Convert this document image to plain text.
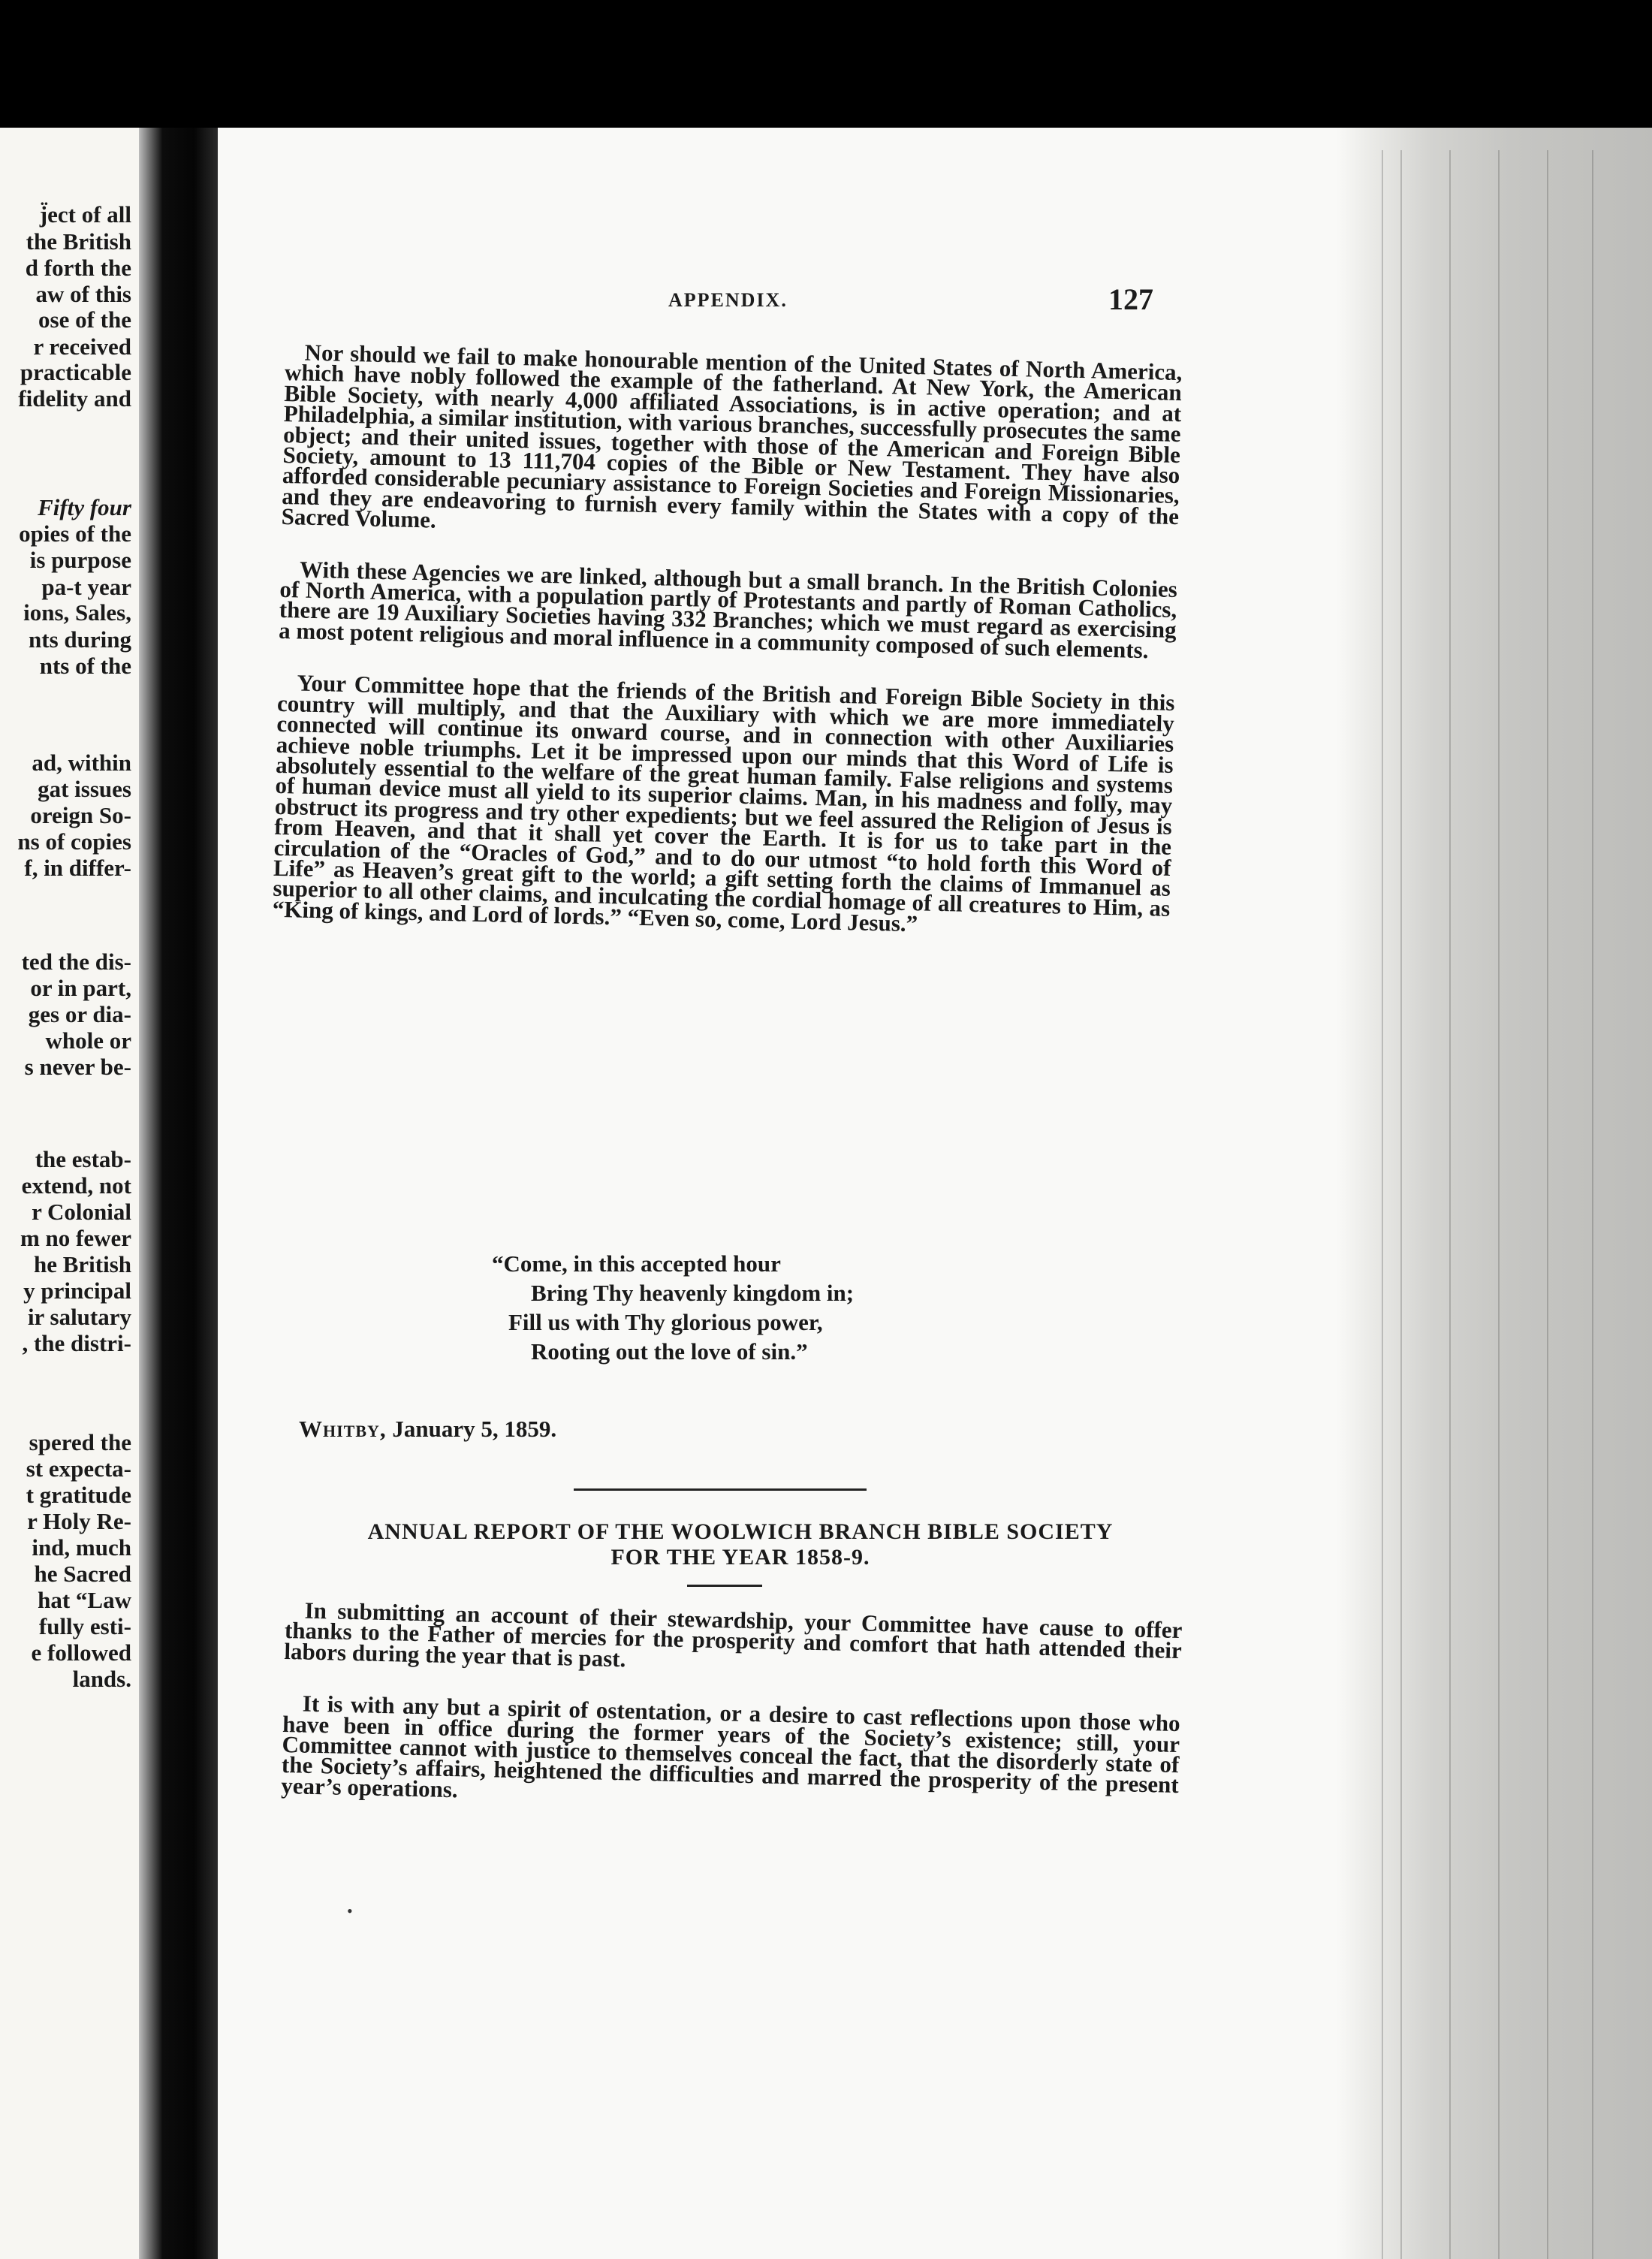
j̈ect of all
the British
d forth the
aw of this
ose of the
r received
practicable
fidelity and
Fifty four
opies of the
is purpose
pa-t year
ions, Sales,
nts during
nts of the
ad, within
gat issues
oreign So-
ns of copies
f, in differ-
ted the dis-
or in part,
ges or dia-
whole or
s never be-
the estab-
extend, not
r Colonial
m no fewer
he British
y principal
ir salutary
, the distri-
spered the
st expecta-
t gratitude
r Holy Re-
ind, much
he Sacred
hat “Law
fully esti-
e followed
lands.
APPENDIX.	127

Nor should we fail to make honourable mention of the United States of North America, which have nobly followed the example of the fatherland. At New York, the American Bible Society, with nearly 4,000 affiliated Associations, is in active operation; and at Philadelphia, a similar institution, with various branches, successfully prosecutes the same object; and their united issues, together with those of the American and Foreign Bible Society, amount to 13 111,704 copies of the Bible or New Testament. They have also afforded considerable pecuniary assistance to Foreign Societies and Foreign Missionaries, and they are endeavoring to furnish every family within the States with a copy of the Sacred Volume.

With these Agencies we are linked, although but a small branch. In the British Colonies of North America, with a population partly of Protestants and partly of Roman Catholics, there are 19 Auxiliary Societies having 332 Branches; which we must regard as exercising a most potent religious and moral influence in a community composed of such elements.

Your Committee hope that the friends of the British and Foreign Bible Society in this country will multiply, and that the Auxiliary with which we are more immediately connected will continue its onward course, and in connection with other Auxiliaries achieve noble triumphs. Let it be impressed upon our minds that this Word of Life is absolutely essential to the welfare of the great human family. False religions and systems of human device must all yield to its superior claims. Man, in his madness and folly, may obstruct its progress and try other expedients; but we feel assured the Religion of Jesus is from Heaven, and that it shall yet cover the Earth. It is for us to take part in the circulation of the “Oracles of God,” and to do our utmost “to hold forth this Word of Life” as Heaven’s great gift to the world; a gift setting forth the claims of Immanuel as superior to all other claims, and inculcating the cordial homage of all creatures to Him, as “King of kings, and Lord of lords.” “Even so, come, Lord Jesus.”

“Come, in this accepted hour
Bring Thy heavenly kingdom in;
Fill us with Thy glorious power,
Rooting out the love of sin.”
Whitby, January 5, 1859.
ANNUAL REPORT OF THE WOOLWICH BRANCH BIBLE SOCIETY
FOR THE YEAR 1858-9.

In submitting an account of their stewardship, your Committee have cause to offer thanks to the Father of mercies for the prosperity and comfort that hath attended their labors during the year that is past.

It is with any but a spirit of ostentation, or a desire to cast reflections upon those who have been in office during the former years of the Society’s existence; still, your Committee cannot with justice to themselves conceal the fact, that the disorderly state of the Society’s affairs, heightened the difficulties and marred the prosperity of the present year’s operations.

•
